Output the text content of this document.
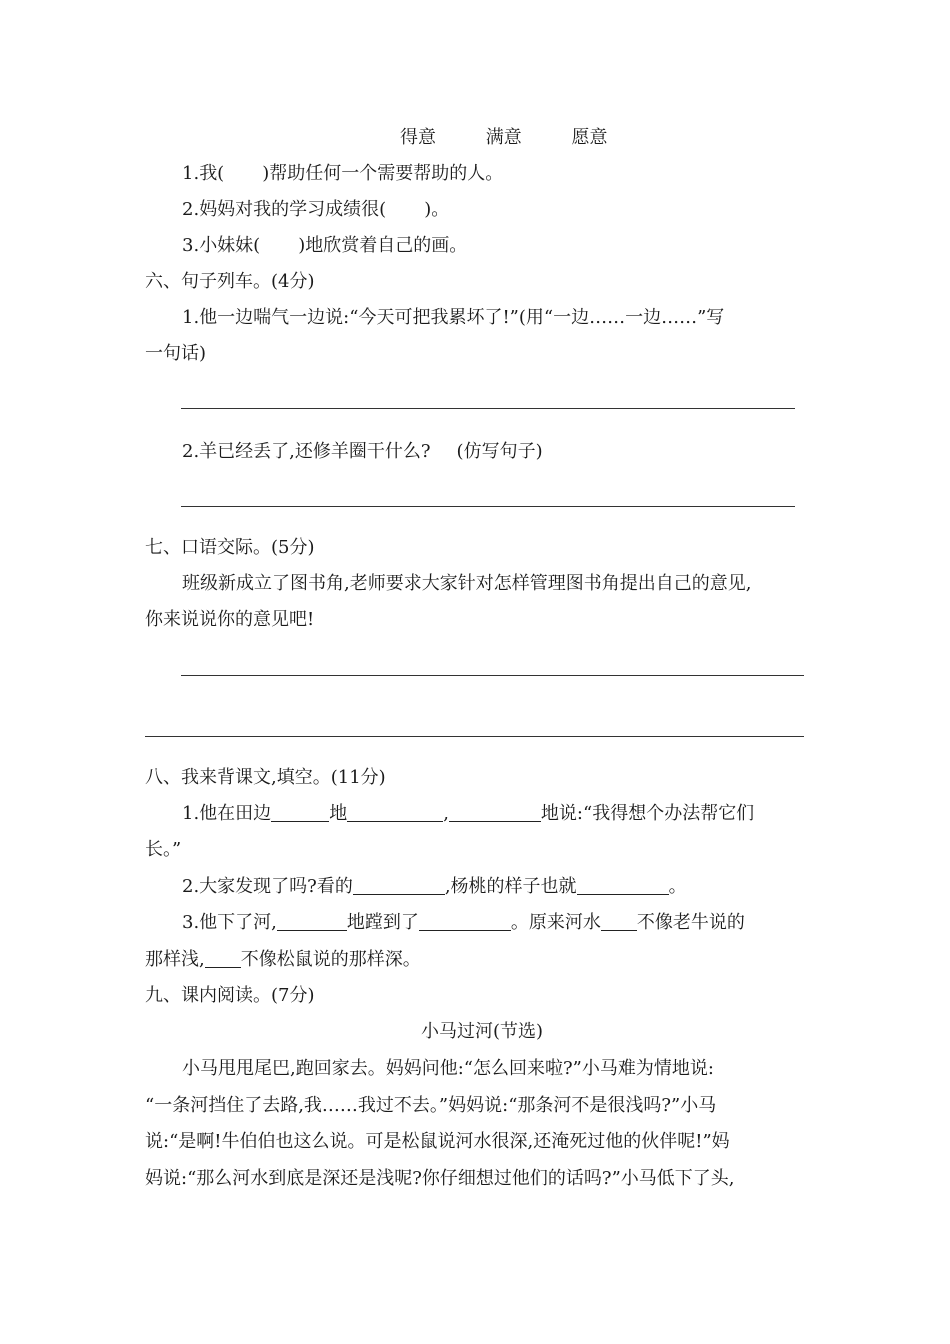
得意	满意	愿意
1.我( )帮助任何一个需要帮助的人。
2.妈妈对我的学习成绩很( )。
3.小妹妹( )地欣赏着自己的画。
六、句子列车。(4分)
1.他一边喘气一边说:“今天可把我累坏了!”(用“一边……一边……”写
一句话)
2.羊已经丢了,还修羊圈干什么? (仿写句子)
七、口语交际。(5分)
班级新成立了图书角,老师要求大家针对怎样管理图书角提出自己的意见,
你来说说你的意见吧!
八、我来背课文,填空。(11分)
1.他在田边	地	,	地说:“我得想个办法帮它们
长。”
2.大家发现了吗?看的	,杨桃的样子也就	。
3.他下了河,	地蹚到了	。原来河水 不像老牛说的
那样浅, 不像松鼠说的那样深。
九、课内阅读。(7分)
小马过河(节选)
小马甩甩尾巴,跑回家去。妈妈问他:“怎么回来啦?”小马难为情地说:
“一条河挡住了去路,我……我过不去。”妈妈说:“那条河不是很浅吗?”小马
说:“是啊!牛伯伯也这么说。可是松鼠说河水很深,还淹死过他的伙伴呢!”妈
妈说:“那么河水到底是深还是浅呢?你仔细想过他们的话吗?”小马低下了头,
